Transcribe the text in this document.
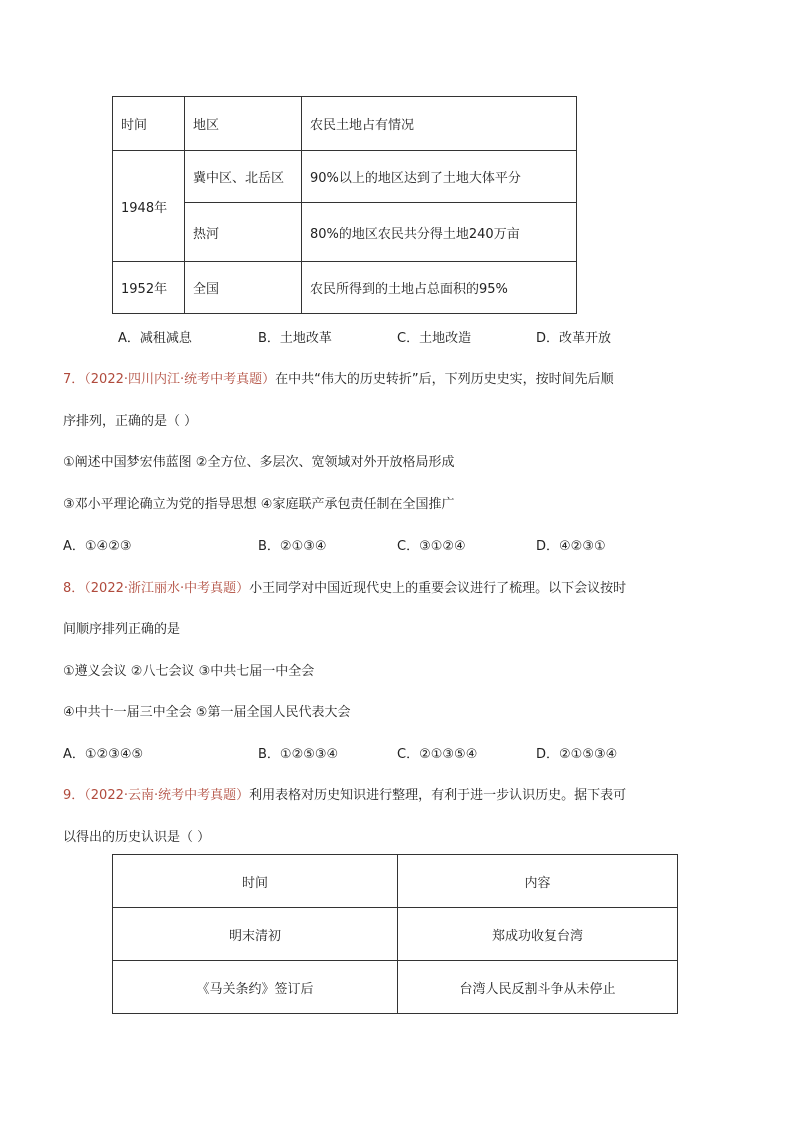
时间	地区	农民土地占有情况
1948年	冀中区、北岳区	90%以上的地区达到了土地大体平分
	热河	80%的地区农民共分得土地240万亩
1952年	全国	农民所得到的土地占总面积的95%
A．减租减息	B．土地改革	C．土地改造	D．改革开放
7．（2022·四川内江·统考中考真题）在中共“伟大的历史转折”后，下列历史史实，按时间先后顺
序排列，正确的是（ ）
①阐述中国梦宏伟蓝图 ②全方位、多层次、宽领域对外开放格局形成
③邓小平理论确立为党的指导思想 ④家庭联产承包责任制在全国推广
A．①④②③	B．②①③④	C．③①②④	D．④②③①
8．（2022·浙江丽水·中考真题）小王同学对中国近现代史上的重要会议进行了梳理。以下会议按时
间顺序排列正确的是
①遵义会议 ②八七会议 ③中共七届一中全会
④中共十一届三中全会 ⑤第一届全国人民代表大会
A．①②③④⑤	B．①②⑤③④	C．②①③⑤④	D．②①⑤③④
9．（2022·云南·统考中考真题）利用表格对历史知识进行整理，有利于进一步认识历史。据下表可
以得出的历史认识是（ ）
时间	内容
明末清初	郑成功收复台湾
《马关条约》签订后	台湾人民反割斗争从未停止
